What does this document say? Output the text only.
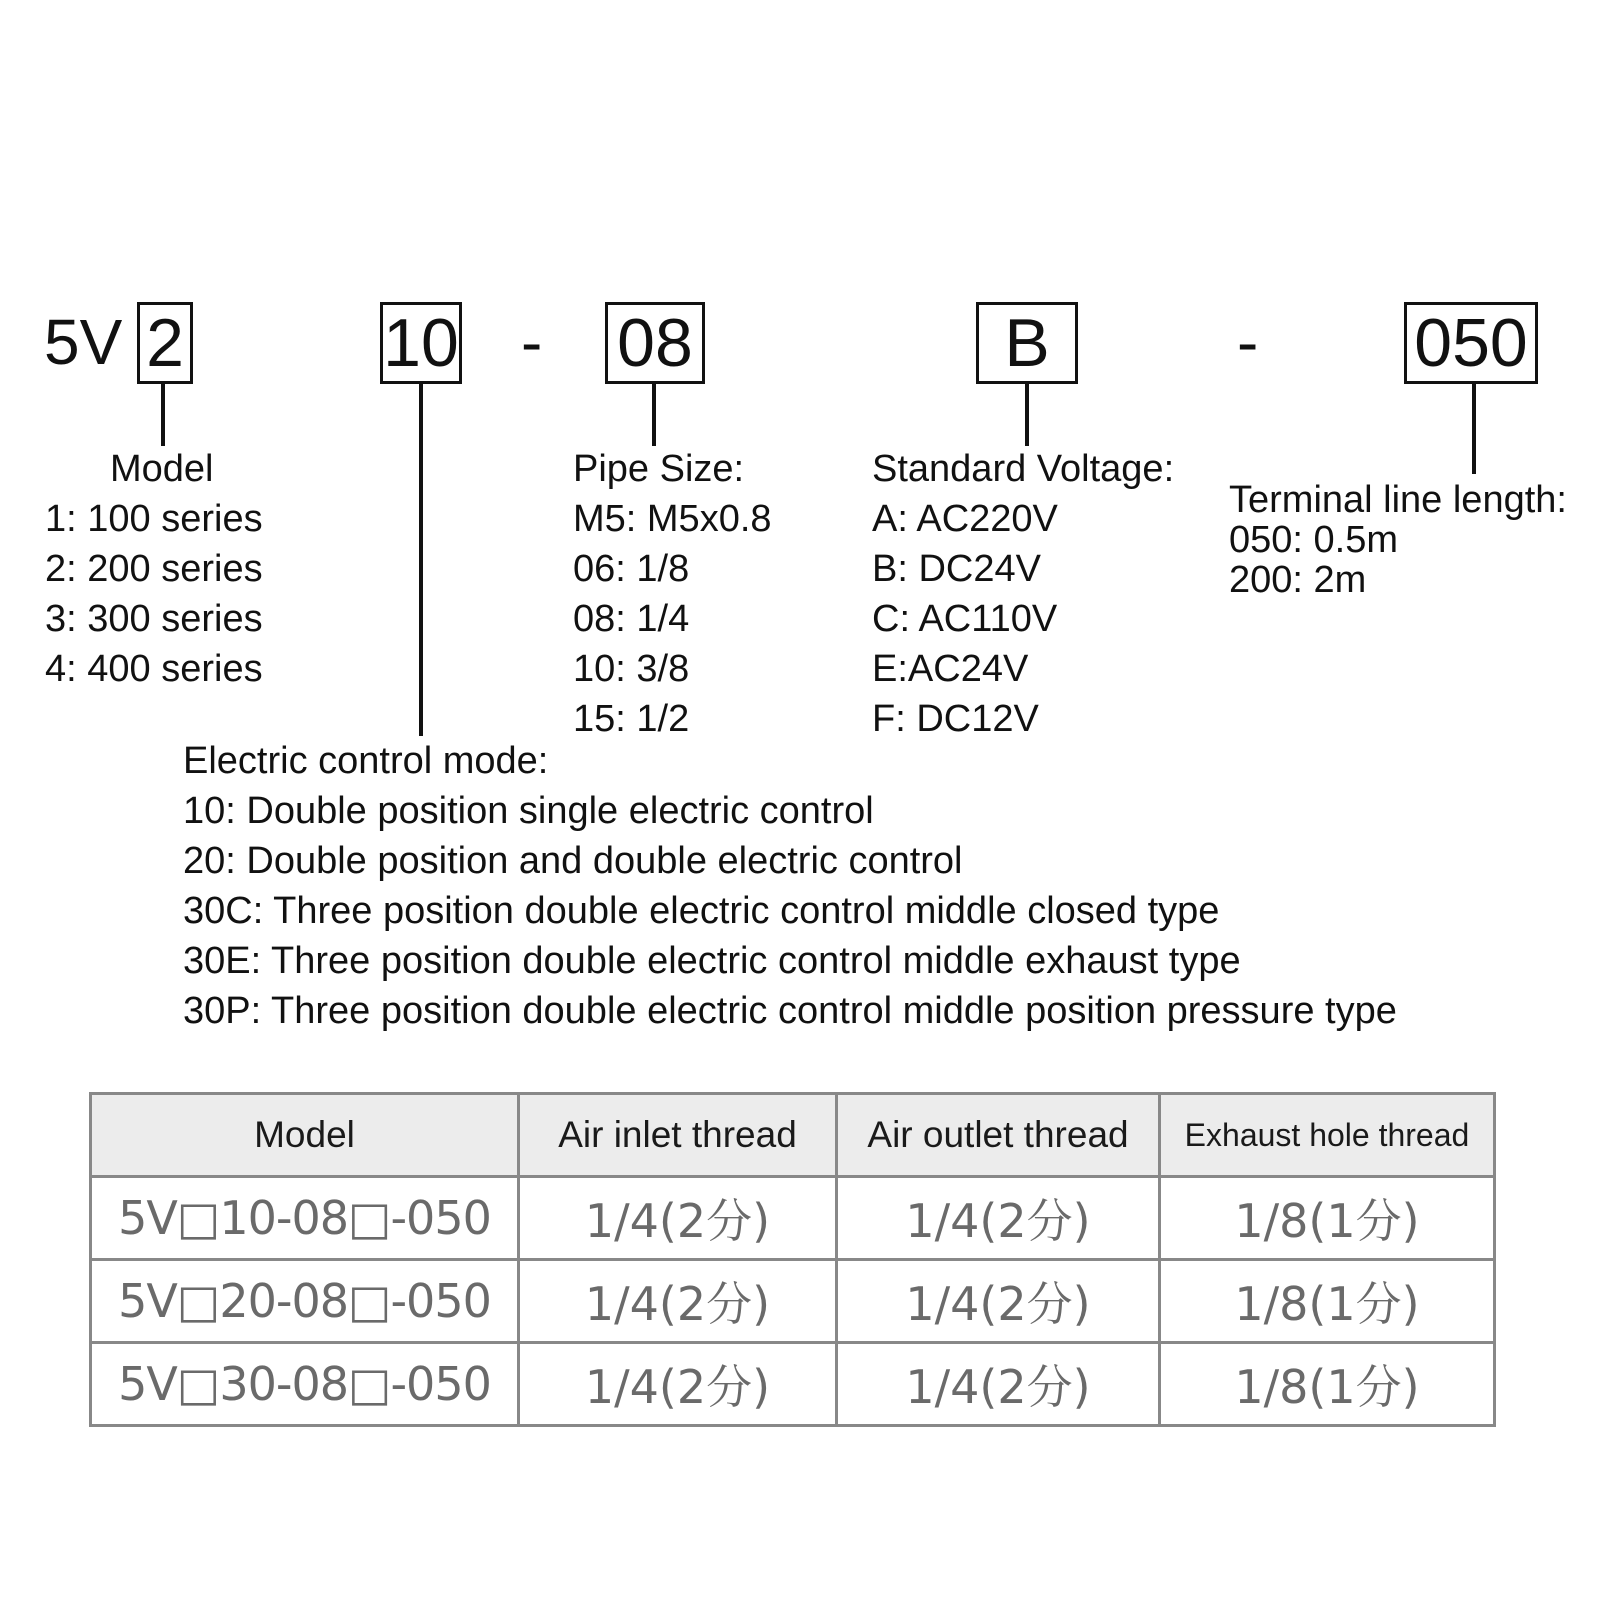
5V 2	10 - 08	B	- 050
Model
1: 100 series
2: 200 series
3: 300 series
4: 400 series
Pipe Size:
M5: M5x0.8
06: 1/8
08: 1/4
10: 3/8
15: 1/2
Standard Voltage:
A: AC220V
B: DC24V
C: AC110V
E:AC24V
F: DC12V
Terminal line length:
050: 0.5m
200: 2m
Electric control mode:
10: Double position single electric control
20: Double position and double electric control
30C: Three position double electric control middle closed type
30E: Three position double electric control middle exhaust type
30P: Three position double electric control middle position pressure type
Model	Air inlet thread	Air outlet thread	Exhaust hole thread
5V□10-08□-050	1/4(2分)	1/4(2分)	1/8(1分)
5V□20-08□-050	1/4(2分)	1/4(2分)	1/8(1分)
5V□30-08□-050	1/4(2分)	1/4(2分)	1/8(1分)
